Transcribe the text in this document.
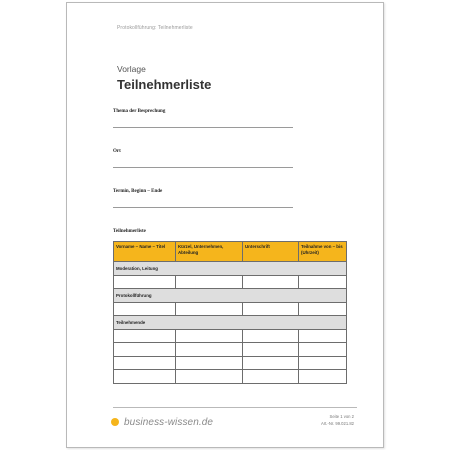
Protokollführung: Teilnehmerliste
Vorlage
Teilnehmerliste
Thema der Besprechung
Ort
Termin, Beginn – Ende
Teilnehmerliste
Vorname – Name – Titel	Kürzel, Unternehmen, Abteilung	Unterschrift	Teilnahme von – bis (Uhrzeit)
Moderation, Leitung			

Protokollführung			

Teilnehmende			

business-wissen.de	Seite 1 von 2
Art.-Nr. 99.021.82
